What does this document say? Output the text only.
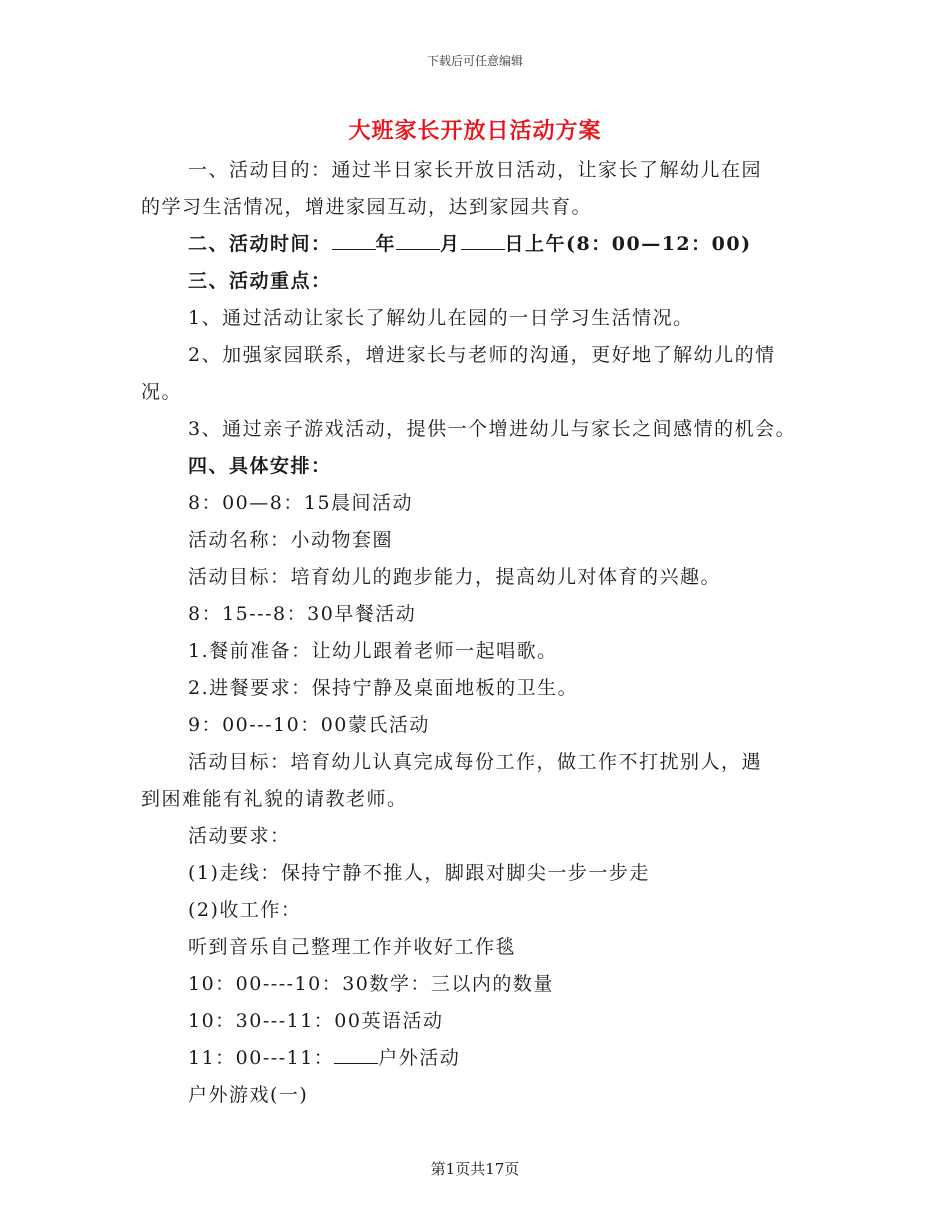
下载后可任意编辑
大班家长开放日活动方案
一、活动目的：通过半日家长开放日活动，让家长了解幼儿在园
的学习生活情况，增进家园互动，达到家园共育。
二、活动时间： 年 月 日上午(8：00—12：00)
三、活动重点：
1、通过活动让家长了解幼儿在园的一日学习生活情况。
2、加强家园联系，增进家长与老师的沟通，更好地了解幼儿的情
况。
3、通过亲子游戏活动，提供一个增进幼儿与家长之间感情的机会。
四、具体安排：
8：00—8：15晨间活动
活动名称：小动物套圈
活动目标：培育幼儿的跑步能力，提高幼儿对体育的兴趣。
8：15---8：30早餐活动
1.餐前准备：让幼儿跟着老师一起唱歌。
2.进餐要求：保持宁静及桌面地板的卫生。
9：00---10：00蒙氏活动
活动目标：培育幼儿认真完成每份工作，做工作不打扰别人，遇
到困难能有礼貌的请教老师。
活动要求：
(1)走线：保持宁静不推人，脚跟对脚尖一步一步走
(2)收工作：
听到音乐自己整理工作并收好工作毯
10：00----10：30数学：三以内的数量
10：30---11：00英语活动
11：00---11： 户外活动
户外游戏(一)
第1页共17页
